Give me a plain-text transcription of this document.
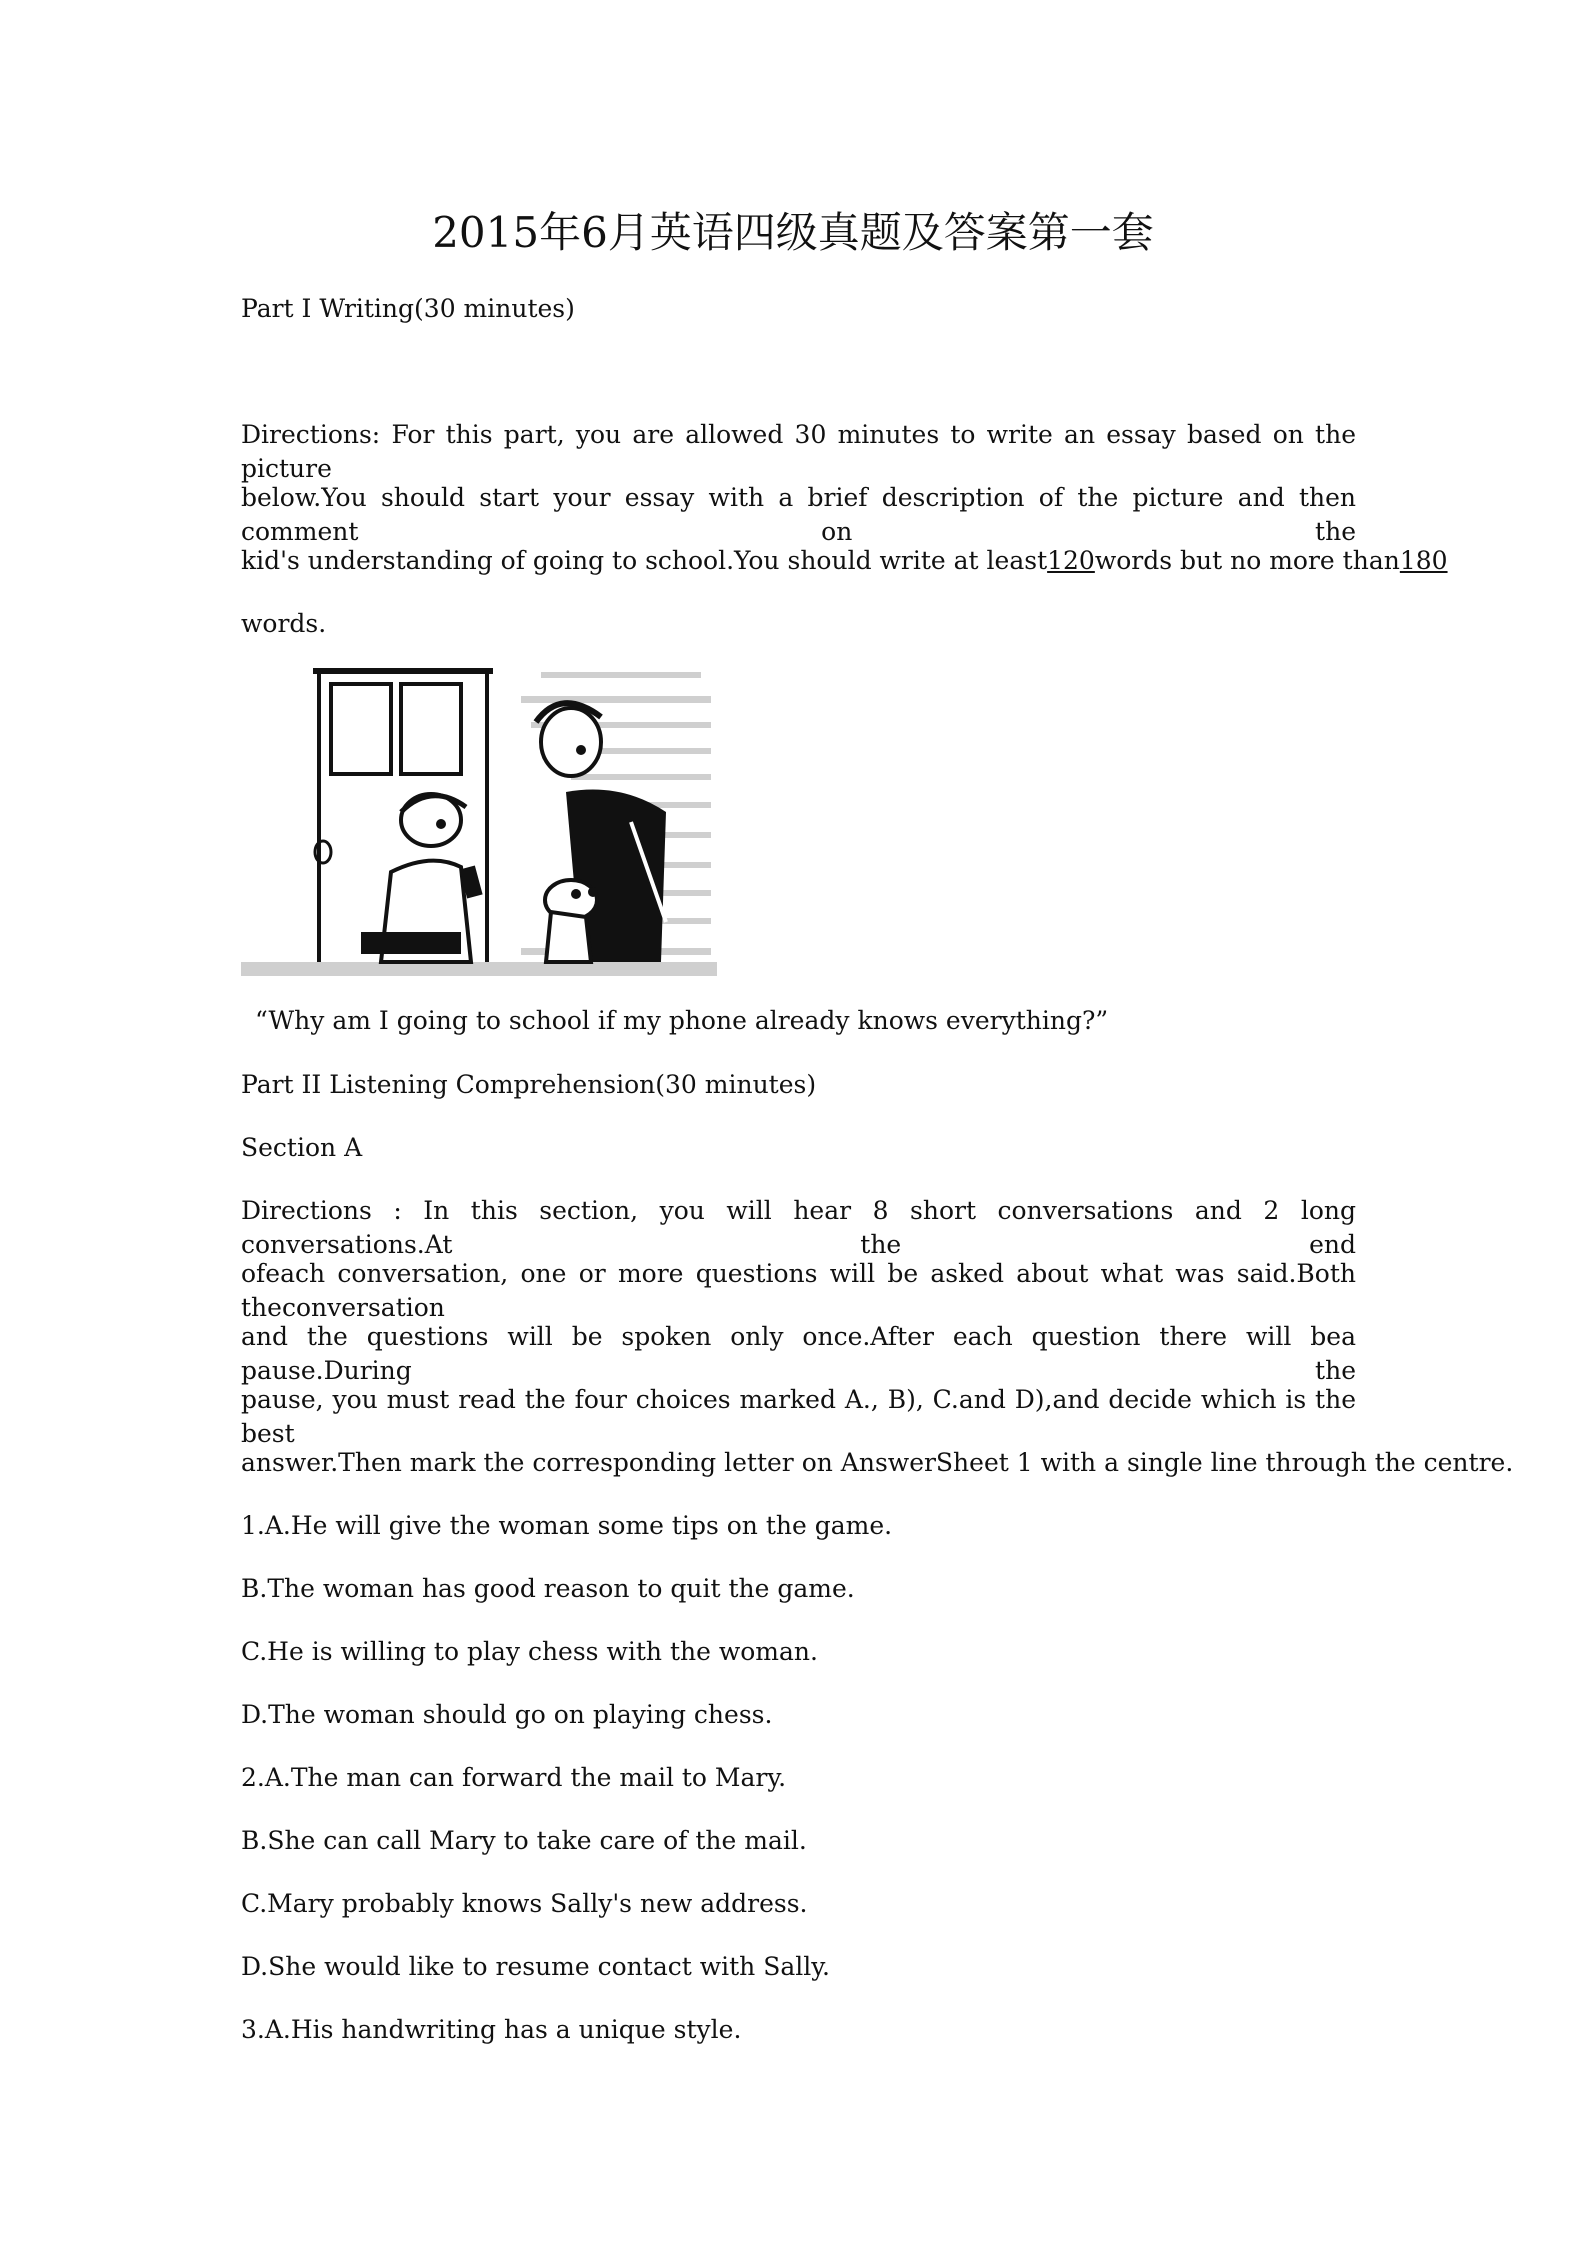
2015年6月英语四级真题及答案第一套
Part I Writing(30 minutes)
Directions: For this part, you are allowed 30 minutes to write an essay based on the picture
below.You should start your essay with a brief description of the picture and then comment on the
kid's understanding of going to school.You should write at least 120 words but no more than 180
words.
“Why am I going to school if my phone already knows everything?”
Part II Listening Comprehension(30 minutes)
Section A
Directions : In this section, you will hear 8 short conversations and 2 long conversations.At the end
ofeach conversation, one or more questions will be asked about what was said.Both theconversation
and the questions will be spoken only once.After each question there will bea pause.During the
pause, you must read the four choices marked A., B), C.and D),and decide which is the best
answer.Then mark the corresponding letter on AnswerSheet 1 with a single line through the centre.
1.A.He will give the woman some tips on the game.
B.The woman has good reason to quit the game.
C.He is willing to play chess with the woman.
D.The woman should go on playing chess.
2.A.The man can forward the mail to Mary.
B.She can call Mary to take care of the mail.
C.Mary probably knows Sally's new address.
D.She would like to resume contact with Sally.
3.A.His handwriting has a unique style.
